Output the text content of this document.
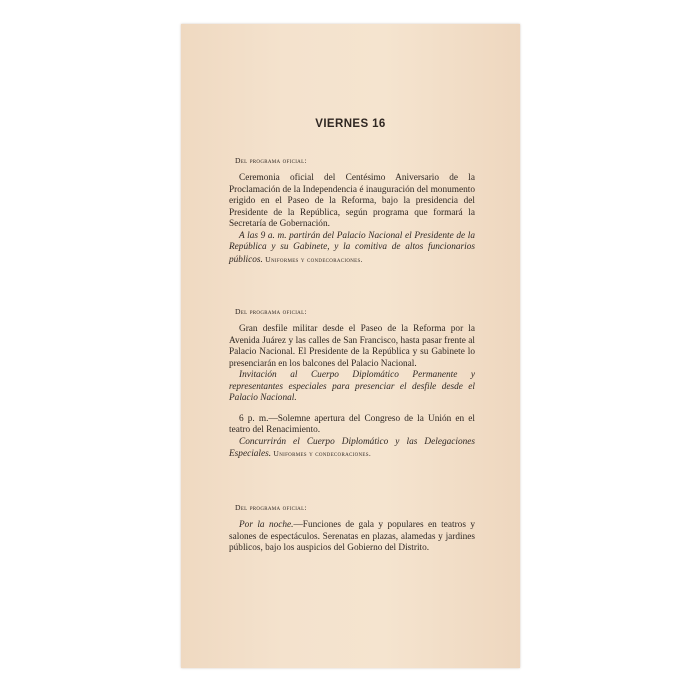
VIERNES 16
Del programa oficial:

Ceremonia oficial del Centésimo Aniversario de la Proclamación de la Independencia é inauguración del monumento erigido en el Paseo de la Reforma, bajo la presidencia del Presidente de la República, según programa que formará la Secretaría de Gobernación.

A las 9 a. m. partirán del Palacio Nacional el Presidente de la República y su Gabinete, y la comitiva de altos funcionarios públicos. Uniformes y condecoraciones.

Del programa oficial:

Gran desfile militar desde el Paseo de la Reforma por la Avenida Juárez y las calles de San Francisco, hasta pasar frente al Palacio Nacional. El Presidente de la República y su Gabinete lo presenciarán en los balcones del Palacio Nacional.

Invitación al Cuerpo Diplomático Permanente y representantes especiales para presenciar el desfile desde el Palacio Nacional.

6 p. m.—Solemne apertura del Congreso de la Unión en el teatro del Renacimiento.

Concurrirán el Cuerpo Diplomático y las Delegaciones Especiales. Uniformes y condecoraciones.

Del programa oficial:

Por la noche.—Funciones de gala y populares en teatros y salones de espectáculos. Serenatas en plazas, alamedas y jardines públicos, bajo los auspicios del Gobierno del Distrito.
